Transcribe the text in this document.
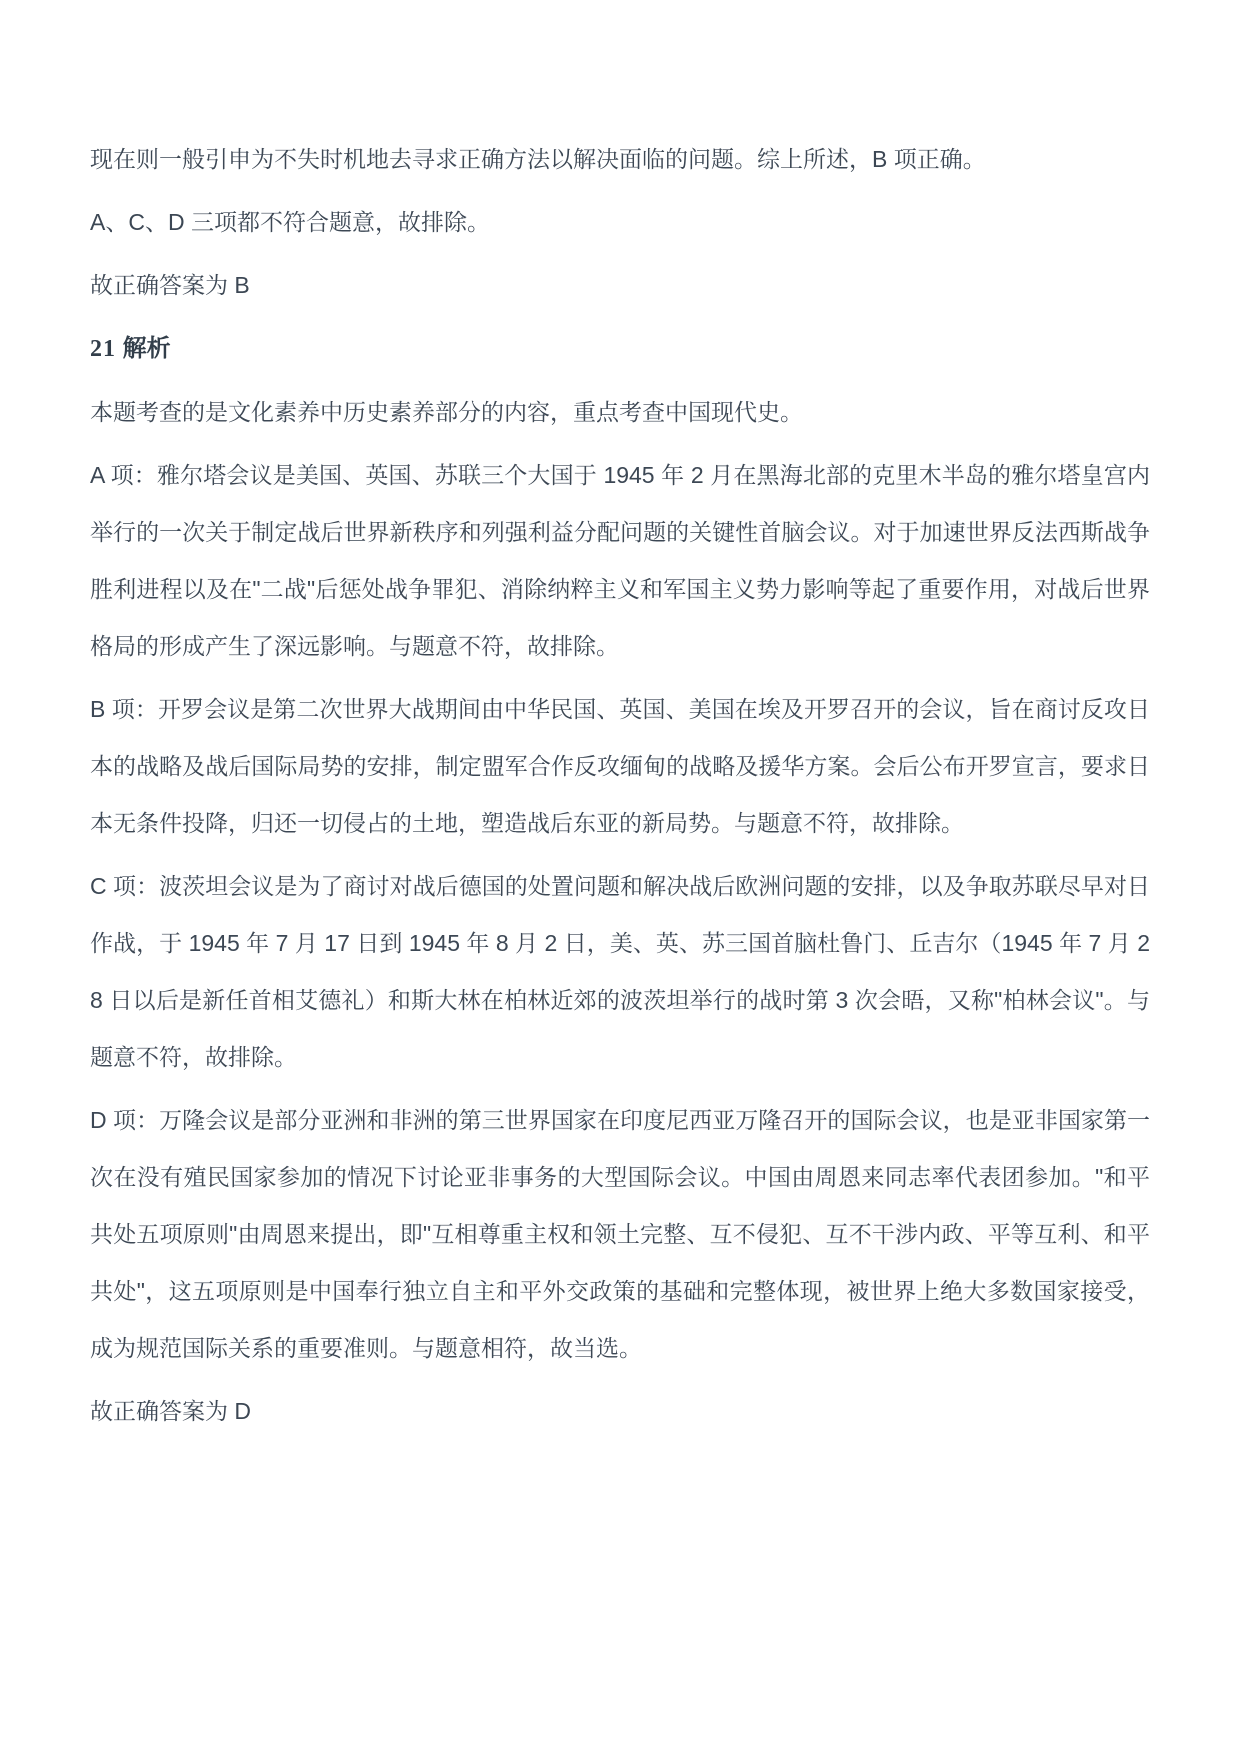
现在则一般引申为不失时机地去寻求正确方法以解决面临的问题。综上所述，B 项正确。

A、C、D 三项都不符合题意，故排除。

故正确答案为 B

21 解析

本题考查的是文化素养中历史素养部分的内容，重点考查中国现代史。

A 项：雅尔塔会议是美国、英国、苏联三个大国于 1945 年 2 月在黑海北部的克里木半岛的雅尔塔皇宫内举行的一次关于制定战后世界新秩序和列强利益分配问题的关键性首脑会议。对于加速世界反法西斯战争胜利进程以及在"二战"后惩处战争罪犯、消除纳粹主义和军国主义势力影响等起了重要作用，对战后世界格局的形成产生了深远影响。与题意不符，故排除。

B 项：开罗会议是第二次世界大战期间由中华民国、英国、美国在埃及开罗召开的会议，旨在商讨反攻日本的战略及战后国际局势的安排，制定盟军合作反攻缅甸的战略及援华方案。会后公布开罗宣言，要求日本无条件投降，归还一切侵占的土地，塑造战后东亚的新局势。与题意不符，故排除。

C 项：波茨坦会议是为了商讨对战后德国的处置问题和解决战后欧洲问题的安排，以及争取苏联尽早对日作战，于 1945 年 7 月 17 日到 1945 年 8 月 2 日，美、英、苏三国首脑杜鲁门、丘吉尔（1945 年 7 月 28 日以后是新任首相艾德礼）和斯大林在柏林近郊的波茨坦举行的战时第 3 次会晤，又称"柏林会议"。与题意不符，故排除。

D 项：万隆会议是部分亚洲和非洲的第三世界国家在印度尼西亚万隆召开的国际会议，也是亚非国家第一次在没有殖民国家参加的情况下讨论亚非事务的大型国际会议。中国由周恩来同志率代表团参加。"和平共处五项原则"由周恩来提出，即"互相尊重主权和领土完整、互不侵犯、互不干涉内政、平等互利、和平共处"，这五项原则是中国奉行独立自主和平外交政策的基础和完整体现，被世界上绝大多数国家接受，成为规范国际关系的重要准则。与题意相符，故当选。

故正确答案为 D
